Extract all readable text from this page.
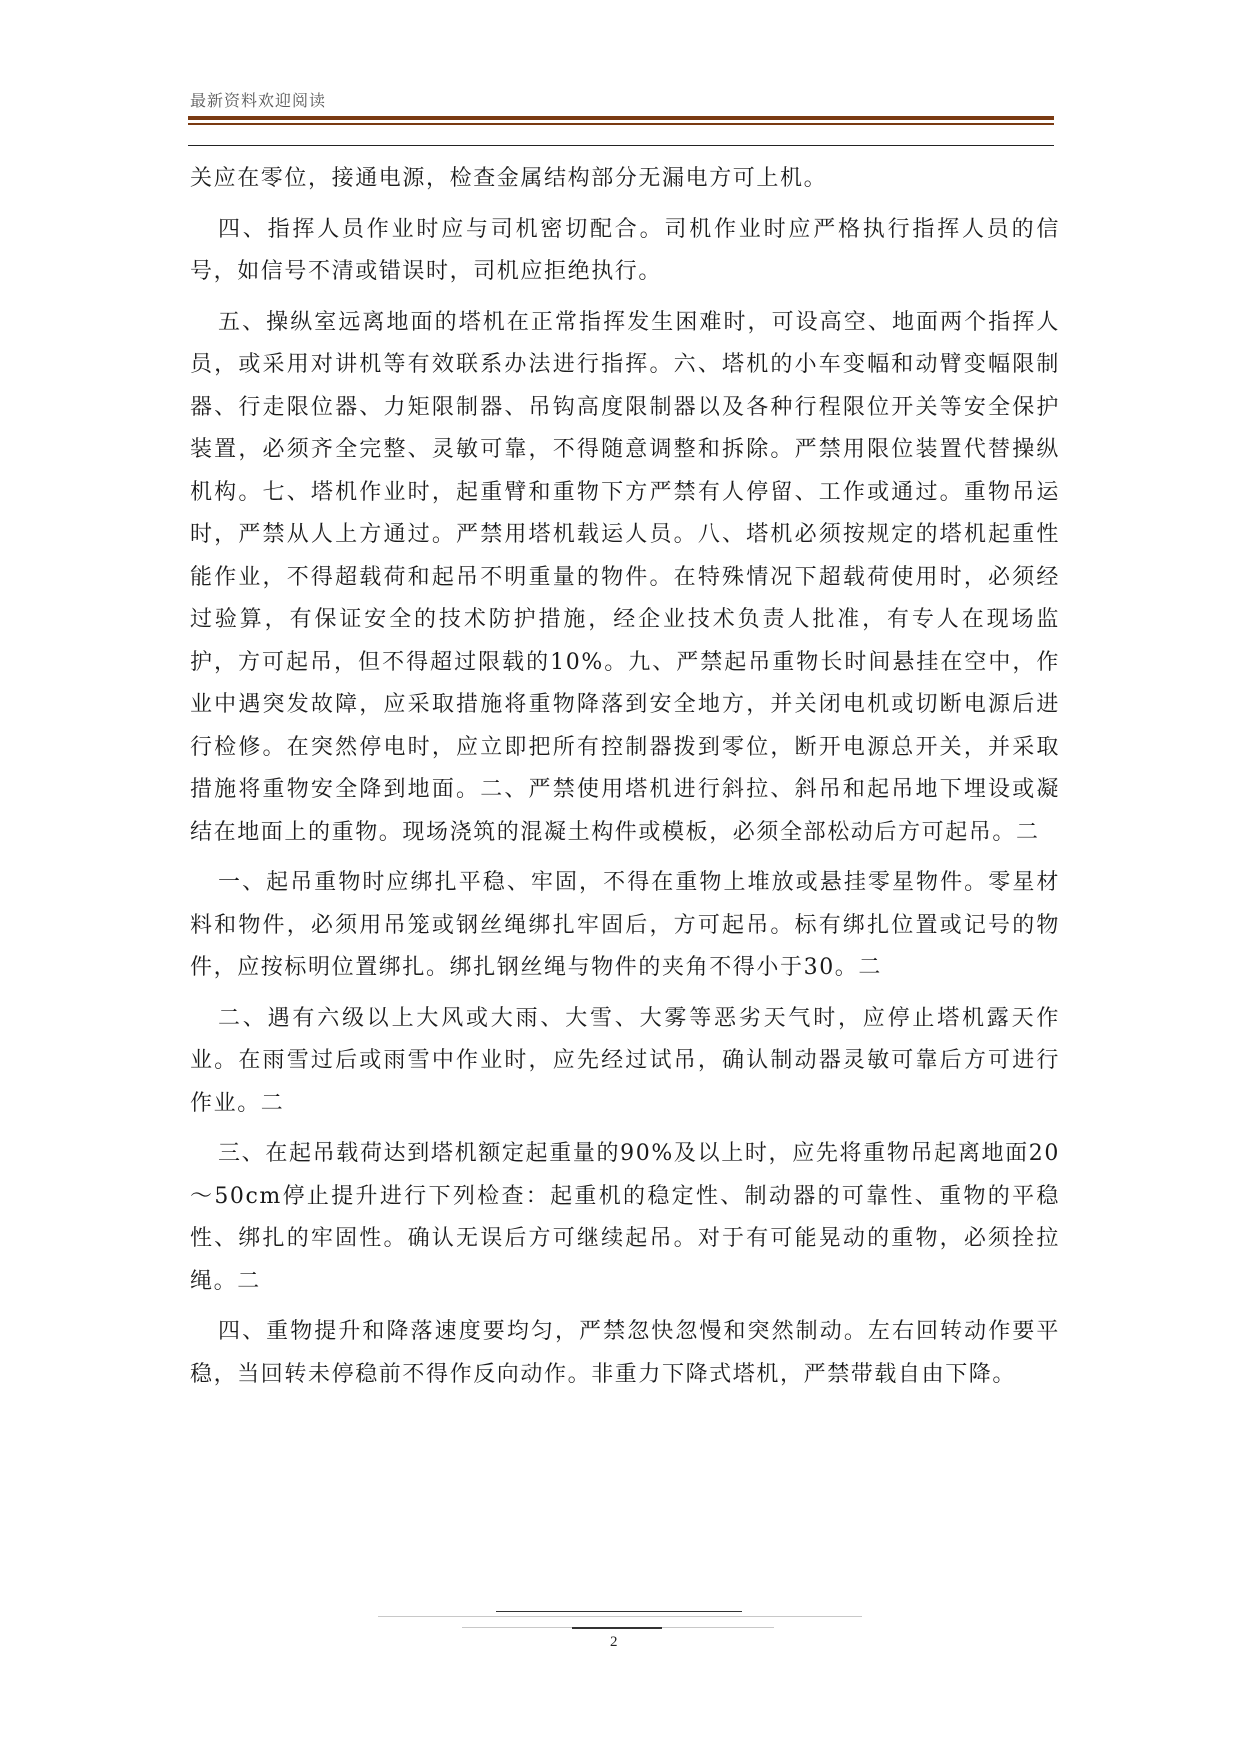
最新资料欢迎阅读

关应在零位，接通电源，检查金属结构部分无漏电方可上机。

四、指挥人员作业时应与司机密切配合。司机作业时应严格执行指挥人员的信号，如信号不清或错误时，司机应拒绝执行。

五、操纵室远离地面的塔机在正常指挥发生困难时，可设高空、地面两个指挥人员，或采用对讲机等有效联系办法进行指挥。六、塔机的小车变幅和动臂变幅限制器、行走限位器、力矩限制器、吊钩高度限制器以及各种行程限位开关等安全保护装置，必须齐全完整、灵敏可靠，不得随意调整和拆除。严禁用限位装置代替操纵机构。七、塔机作业时，起重臂和重物下方严禁有人停留、工作或通过。重物吊运时，严禁从人上方通过。严禁用塔机载运人员。八、塔机必须按规定的塔机起重性能作业，不得超载荷和起吊不明重量的物件。在特殊情况下超载荷使用时，必须经过验算，有保证安全的技术防护措施，经企业技术负责人批准，有专人在现场监护，方可起吊，但不得超过限载的10%。九、严禁起吊重物长时间悬挂在空中，作业中遇突发故障，应采取措施将重物降落到安全地方，并关闭电机或切断电源后进行检修。在突然停电时，应立即把所有控制器拨到零位，断开电源总开关，并采取措施将重物安全降到地面。二、严禁使用塔机进行斜拉、斜吊和起吊地下埋设或凝结在地面上的重物。现场浇筑的混凝土构件或模板，必须全部松动后方可起吊。二

一、起吊重物时应绑扎平稳、牢固，不得在重物上堆放或悬挂零星物件。零星材料和物件，必须用吊笼或钢丝绳绑扎牢固后，方可起吊。标有绑扎位置或记号的物件，应按标明位置绑扎。绑扎钢丝绳与物件的夹角不得小于30。二

二、遇有六级以上大风或大雨、大雪、大雾等恶劣天气时，应停止塔机露天作业。在雨雪过后或雨雪中作业时，应先经过试吊，确认制动器灵敏可靠后方可进行作业。二

三、在起吊载荷达到塔机额定起重量的90%及以上时，应先将重物吊起离地面20～50cm停止提升进行下列检查：起重机的稳定性、制动器的可靠性、重物的平稳性、绑扎的牢固性。确认无误后方可继续起吊。对于有可能晃动的重物，必须拴拉绳。二

四、重物提升和降落速度要均匀，严禁忽快忽慢和突然制动。左右回转动作要平稳，当回转未停稳前不得作反向动作。非重力下降式塔机，严禁带载自由下降。

2
